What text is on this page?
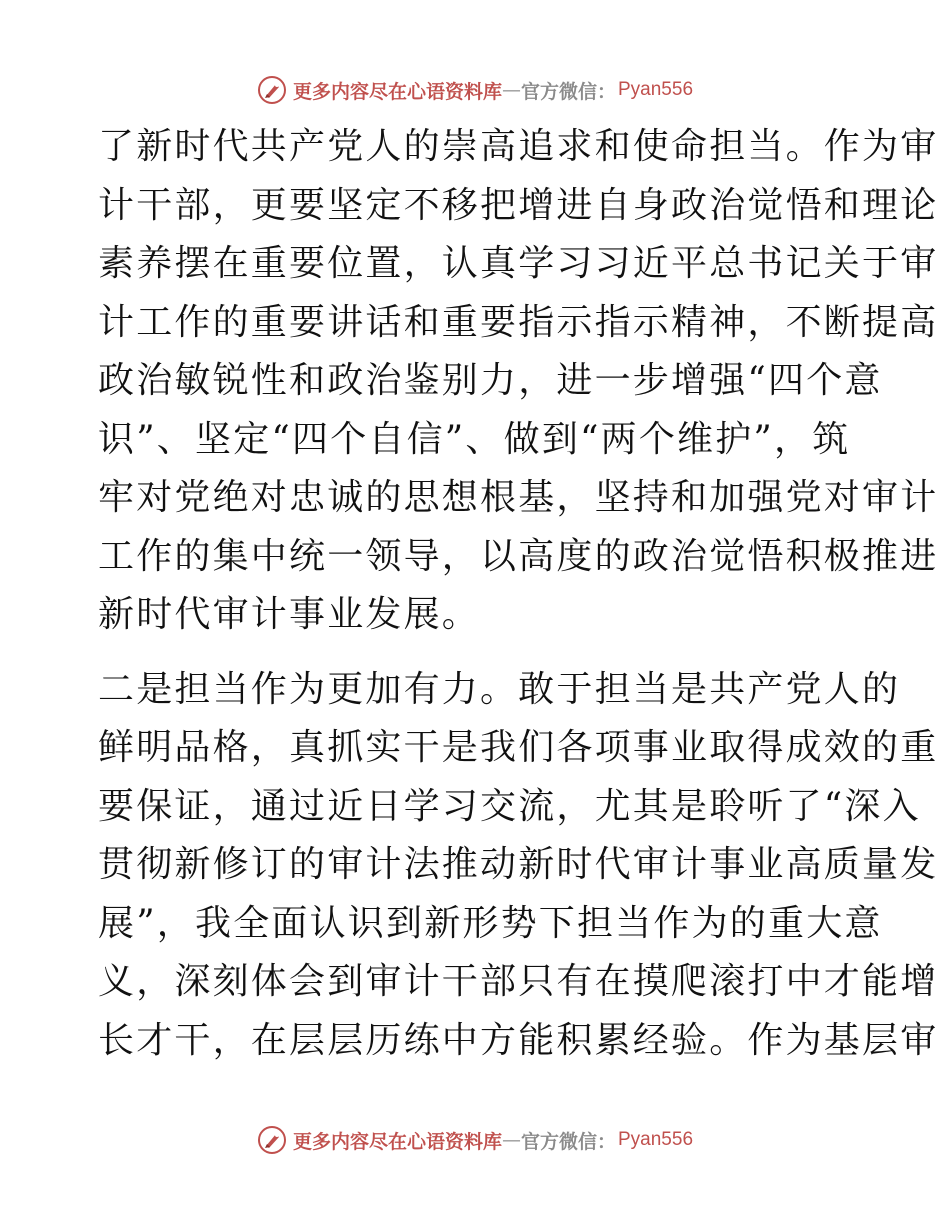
更多内容尽在心语资料库 — 官方微信： Pyan556
了新时代共产党人的崇高追求和使命担当。作为审
计干部，更要坚定不移把增进自身政治觉悟和理论
素养摆在重要位置，认真学习习近平总书记关于审
计工作的重要讲话和重要指示指示精神，不断提高
政治敏锐性和政治鉴别力，进一步增强“四个意
识”、坚定“四个自信”、做到“两个维护”，筑
牢对党绝对忠诚的思想根基，坚持和加强党对审计
工作的集中统一领导，以高度的政治觉悟积极推进
新时代审计事业发展。
二是担当作为更加有力。敢于担当是共产党人的
鲜明品格，真抓实干是我们各项事业取得成效的重
要保证，通过近日学习交流，尤其是聆听了“深入
贯彻新修订的审计法推动新时代审计事业高质量发
展”，我全面认识到新形势下担当作为的重大意
义，深刻体会到审计干部只有在摸爬滚打中才能增
长才干，在层层历练中方能积累经验。作为基层审
更多内容尽在心语资料库 — 官方微信： Pyan556
